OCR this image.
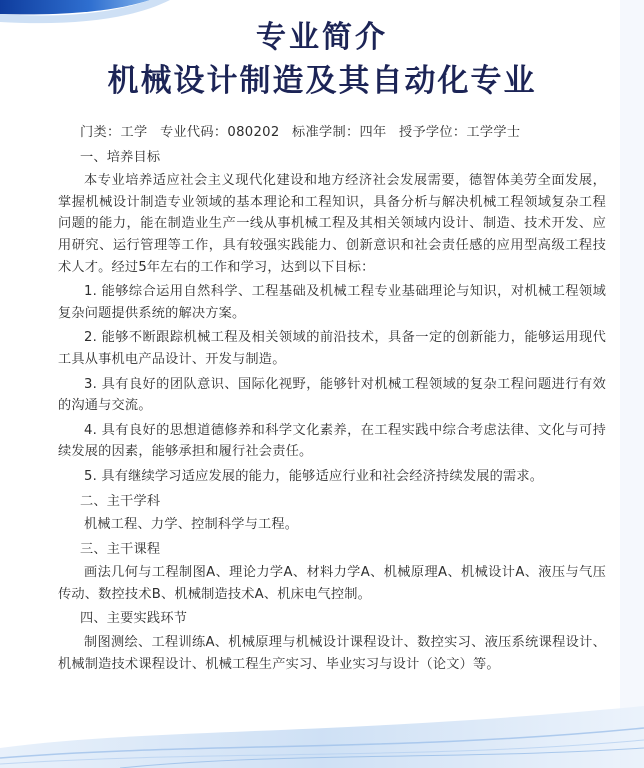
专业简介
机械设计制造及其自动化专业

门类：工学 专业代码：080202 标准学制：四年 授予学位：工学学士

一、培养目标

本专业培养适应社会主义现代化建设和地方经济社会发展需要，德智体美劳全面发展，掌握机械设计制造专业领域的基本理论和工程知识，具备分析与解决机械工程领域复杂工程问题的能力，能在制造业生产一线从事机械工程及其相关领域内设计、制造、技术开发、应用研究、运行管理等工作，具有较强实践能力、创新意识和社会责任感的应用型高级工程技术人才。经过5年左右的工作和学习，达到以下目标：

1. 能够综合运用自然科学、工程基础及机械工程专业基础理论与知识，对机械工程领域复杂问题提供系统的解决方案。

2. 能够不断跟踪机械工程及相关领域的前沿技术，具备一定的创新能力，能够运用现代工具从事机电产品设计、开发与制造。

3. 具有良好的团队意识、国际化视野，能够针对机械工程领域的复杂工程问题进行有效的沟通与交流。

4. 具有良好的思想道德修养和科学文化素养，在工程实践中综合考虑法律、文化与可持续发展的因素，能够承担和履行社会责任。

5. 具有继续学习适应发展的能力，能够适应行业和社会经济持续发展的需求。

二、主干学科

机械工程、力学、控制科学与工程。

三、主干课程

画法几何与工程制图A、理论力学A、材料力学A、机械原理A、机械设计A、液压与气压传动、数控技术B、机械制造技术A、机床电气控制。

四、主要实践环节

制图测绘、工程训练A、机械原理与机械设计课程设计、数控实习、液压系统课程设计、机械制造技术课程设计、机械工程生产实习、毕业实习与设计（论文）等。
